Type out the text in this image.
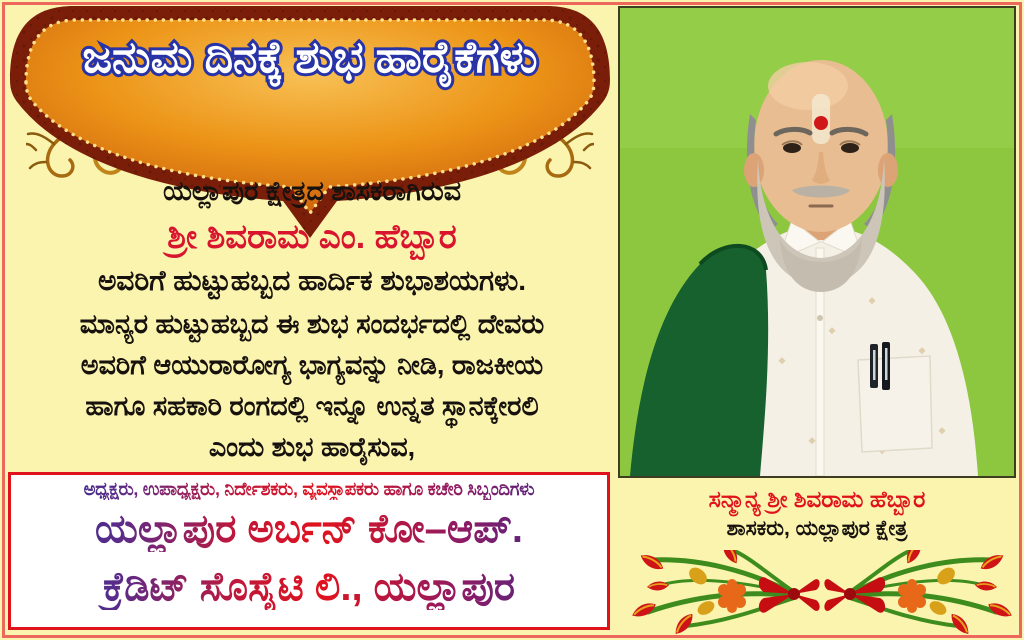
ಜನುಮ ದಿನಕ್ಕೆ ಶುಭ ಹಾರೈಕೆಗಳು
ಯಲ್ಲಾಪುರ ಕ್ಷೇತ್ರದ ಶಾಸಕರಾಗಿರುವ
ಶ್ರೀ ಶಿವರಾಮ ಎಂ. ಹೆಬ್ಬಾರ
ಅವರಿಗೆ ಹುಟ್ಟುಹಬ್ಬದ ಹಾರ್ದಿಕ ಶುಭಾಶಯಗಳು.
ಮಾನ್ಯರ ಹುಟ್ಟುಹಬ್ಬದ ಈ ಶುಭ ಸಂದರ್ಭದಲ್ಲಿ ದೇವರು
ಅವರಿಗೆ ಆಯುರಾರೋಗ್ಯ ಭಾಗ್ಯವನ್ನು ನೀಡಿ, ರಾಜಕೀಯ
ಹಾಗೂ ಸಹಕಾರಿ ರಂಗದಲ್ಲಿ ಇನ್ನೂ ಉನ್ನತ ಸ್ಥಾನಕ್ಕೇರಲಿ
ಎಂದು ಶುಭ ಹಾರೈಸುವ,
ಅಧ್ಯಕ್ಷರು, ಉಪಾಧ್ಯಕ್ಷರು, ನಿರ್ದೇಶಕರು, ವ್ಯವಸ್ಥಾಪಕರು ಹಾಗೂ ಕಚೇರಿ ಸಿಬ್ಬಂದಿಗಳು
ಯಲ್ಲಾಪುರ ಅರ್ಬನ್ ಕೋ–ಆಪ್.
ಕ್ರೆಡಿಟ್ ಸೊಸೈಟಿ ಲಿ., ಯಲ್ಲಾಪುರ
ಸನ್ಮಾನ್ಯ ಶ್ರೀ ಶಿವರಾಮ ಹೆಬ್ಬಾರ
ಶಾಸಕರು, ಯಲ್ಲಾಪುರ ಕ್ಷೇತ್ರ
